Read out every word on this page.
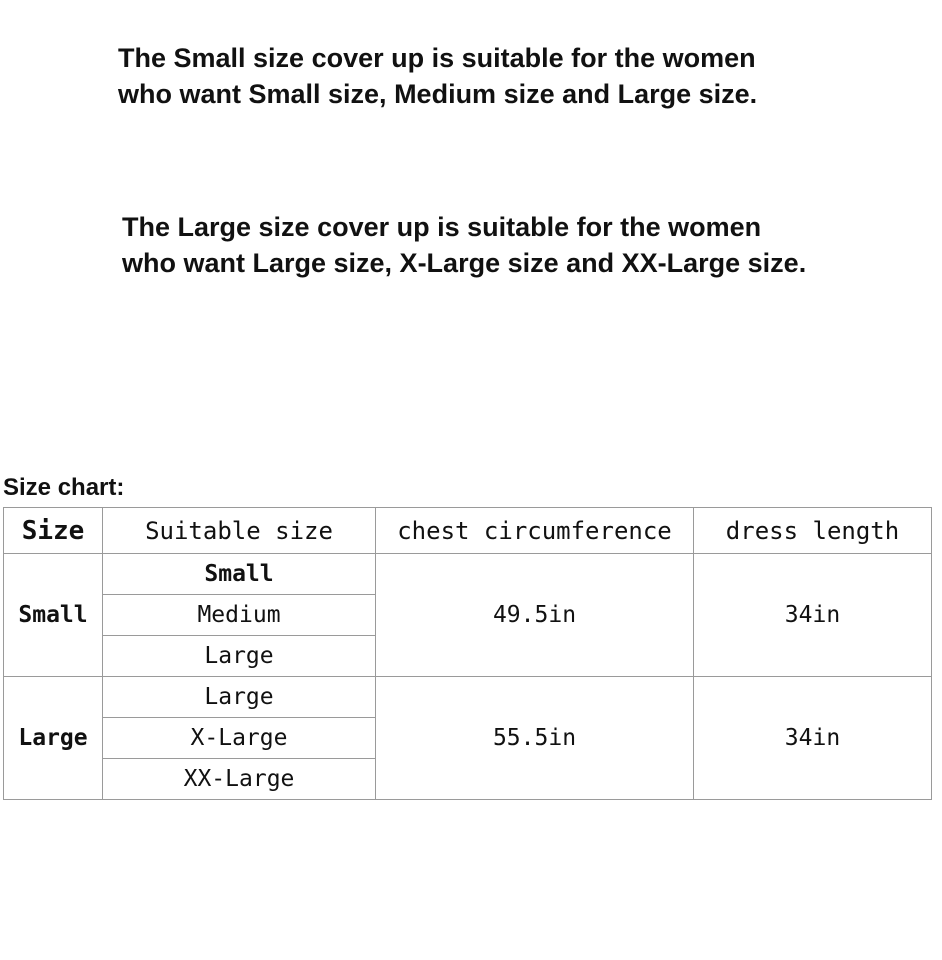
The Small size cover up is suitable for the women
who want Small size, Medium size and Large size.

The Large size cover up is suitable for the women
who want Large size, X-Large size and XX-Large size.

Size chart:
Size	Suitable size	chest circumference	dress length
Small	Small	49.5in	34in
	Medium		
	Large		
Large	Large	55.5in	34in
	X-Large		
	XX-Large		
